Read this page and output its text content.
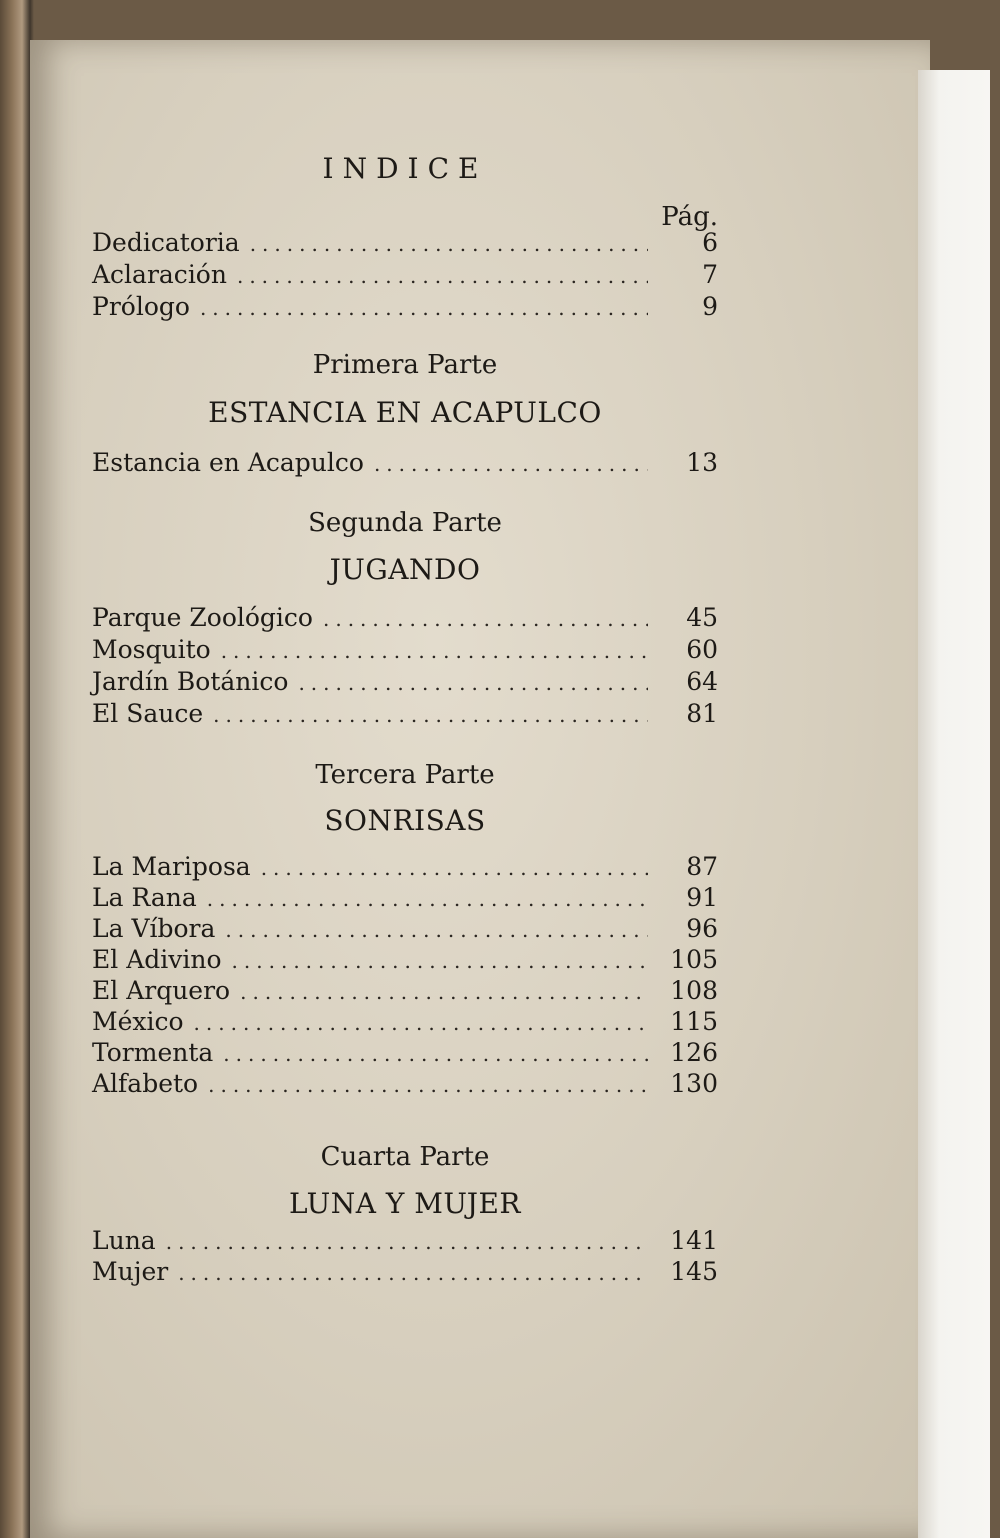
INDICE
Pág.
Dedicatoria .....	6
Aclaración .....	7
Prólogo .....	9
Primera Parte
ESTANCIA EN ACAPULCO
Estancia en Acapulco .....	13
Segunda Parte
JUGANDO
Parque Zoológico .....	45
Mosquito .....	60
Jardín Botánico .....	64
El Sauce .....	81
Tercera Parte
SONRISAS
La Mariposa .....	87
La Rana .....	91
La Víbora .....	96
El Adivino .....	105
El Arquero .....	108
México .....	115
Tormenta .....	126
Alfabeto .....	130
Cuarta Parte
LUNA Y MUJER
Luna .....	141
Mujer .....	145
